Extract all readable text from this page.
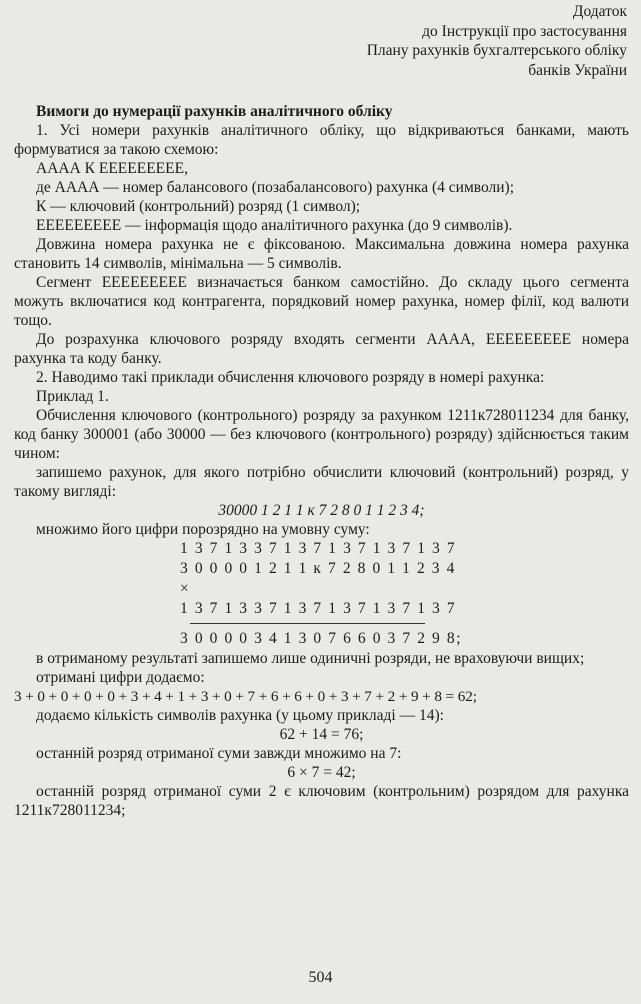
Додаток
до Інструкції про застосування
Плану рахунків бухгалтерського обліку
банків України
Вимоги до нумерації рахунків аналітичного обліку

1. Усі номери рахунків аналітичного обліку, що відкриваються банками, мають формуватися за такою схемою:

АААА К ЕЕЕЕЕЕЕЕЕ,

де АААА — номер балансового (позабалансового) рахунка (4 символи);

К — ключовий (контрольний) розряд (1 символ);

ЕЕЕЕЕЕЕЕЕ — інформація щодо аналітичного рахунка (до 9 символів).

Довжина номера рахунка не є фіксованою. Максимальна довжина номера рахунка становить 14 символів, мінімальна — 5 символів.

Сегмент ЕЕЕЕЕЕЕЕЕ визначається банком самостійно. До складу цього сегмента можуть включатися код контрагента, порядковий номер рахунка, номер філії, код валюти тощо.

До розрахунка ключового розряду входять сегменти АААА, ЕЕЕЕЕЕЕЕЕ номера рахунка та коду банку.

2. Наводимо такі приклади обчислення ключового розряду в номері рахунка:

Приклад 1.

Обчислення ключового (контрольного) розряду за рахунком 1211к728011234 для банку, код банку 300001 (або 30000 — без ключового (контрольного) розряду) здійснюється таким чином:

запишемо рахунок, для якого потрібно обчислити ключовий (контрольний) розряд, у такому вигляді:

30000 1 2 1 1 к 7 2 8 0 1 1 2 3 4;

множимо його цифри порозрядно на умовну суму:

1 3 7 1 3 3 7 1 3 7 1 3 7 1 3 7 1 3 7
3 0 0 0 0 1 2 1 1 к 7 2 8 0 1 1 2 3 4
×
1 3 7 1 3 3 7 1 3 7 1 3 7 1 3 7 1 3 7
3 0 0 0 0 3 4 1 3 0 7 6 6 0 3 7 2 9 8;

в отриманому результаті запишемо лише одиничні розряди, не враховуючи вищих;

отримані цифри додаємо:

3 + 0 + 0 + 0 + 0 + 3 + 4 + 1 + 3 + 0 + 7 + 6 + 6 + 0 + 3 + 7 + 2 + 9 + 8 = 62;

додаємо кількість символів рахунка (у цьому прикладі — 14):

62 + 14 = 76;

останній розряд отриманої суми завжди множимо на 7:

6 × 7 = 42;

останній розряд отриманої суми 2 є ключовим (контрольним) розрядом для рахунка 1211к728011234;

504
